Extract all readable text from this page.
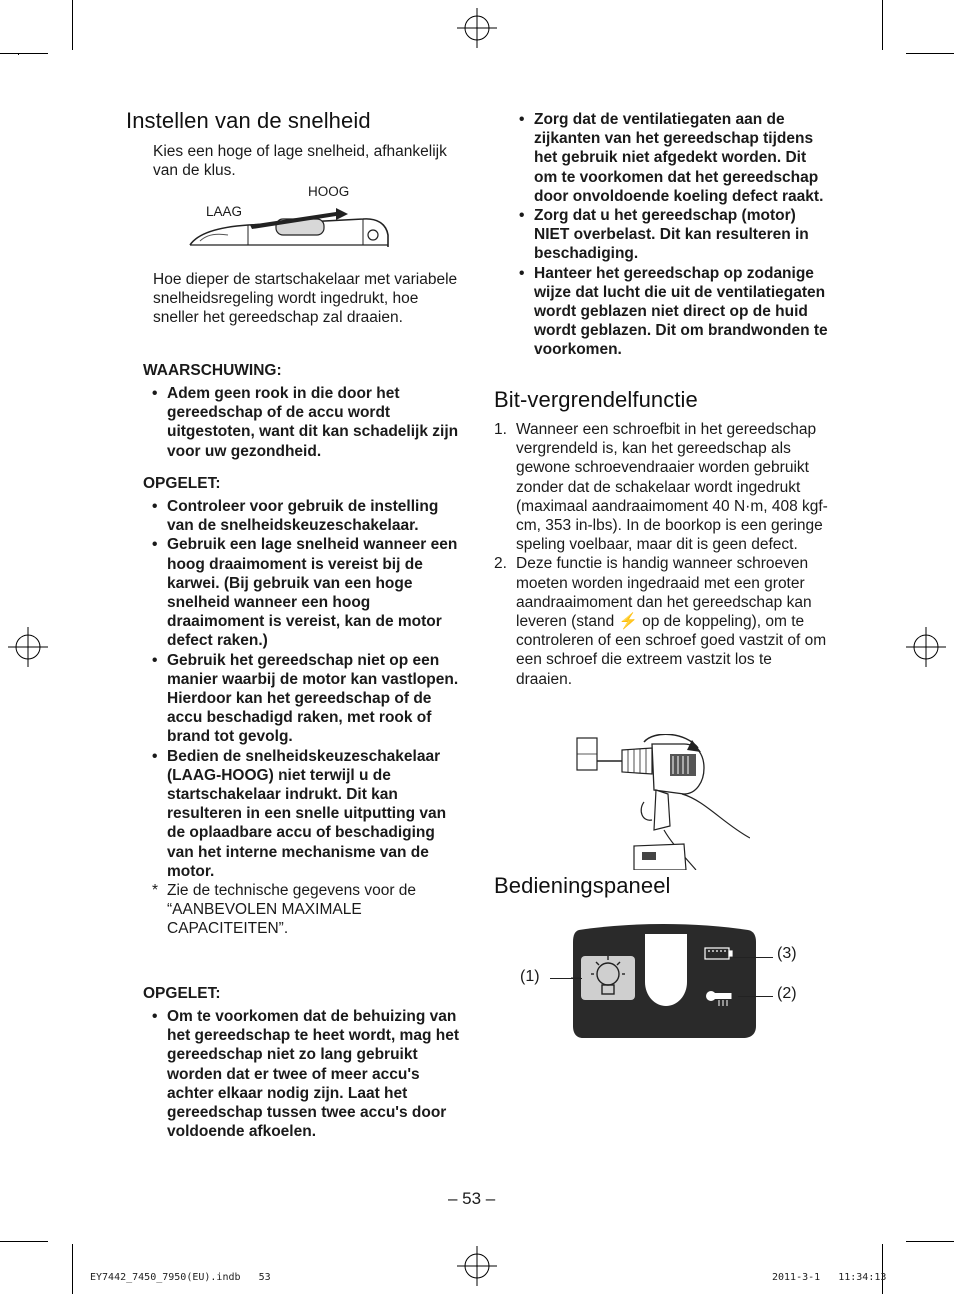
Instellen van de snelheid

Kies een hoge of lage snelheid, afhankelijk van de klus.

HOOG
LAAG

Hoe dieper de startschakelaar met variabele snelheidsregeling wordt ingedrukt, hoe sneller het gereedschap zal draaien.

WAARSCHUWING:
• Adem geen rook in die door het gereedschap of de accu wordt uitgestoten, want dit kan schadelijk zijn voor uw gezondheid.
OPGELET:
• Controleer voor gebruik de instelling van de snelheidskeuzeschakelaar.
• Gebruik een lage snelheid wanneer een hoog draaimoment is vereist bij de karwei. (Bij gebruik van een hoge snelheid wanneer een hoog draaimoment is vereist, kan de motor defect raken.)
• Gebruik het gereedschap niet op een manier waarbij de motor kan vastlopen. Hierdoor kan het gereedschap of de accu beschadigd raken, met rook of brand tot gevolg.
• Bedien de snelheidskeuzeschakelaar (LAAG-HOOG) niet terwijl u de startschakelaar indrukt. Dit kan resulteren in een snelle uitputting van de oplaadbare accu of beschadiging van het interne mechanisme van de motor.
* Zie de technische gegevens voor de “AANBEVOLEN MAXIMALE CAPACITEITEN”.
OPGELET:
• Om te voorkomen dat de behuizing van het gereedschap te heet wordt, mag het gereedschap niet zo lang gebruikt worden dat er twee of meer accu's achter elkaar nodig zijn. Laat het gereedschap tussen twee accu's door voldoende afkoelen.
• Zorg dat de ventilatiegaten aan de zijkanten van het gereedschap tijdens het gebruik niet afgedekt worden. Dit om te voorkomen dat het gereedschap door onvoldoende koeling defect raakt.
• Zorg dat u het gereedschap (motor) NIET overbelast. Dit kan resulteren in beschadiging.
• Hanteer het gereedschap op zodanige wijze dat lucht die uit de ventilatiegaten wordt geblazen niet direct op de huid wordt geblazen. Dit om brandwonden te voorkomen.
Bit-vergrendelfunctie
1. Wanneer een schroefbit in het gereedschap vergrendeld is, kan het gereedschap als gewone schroevendraaier worden gebruikt zonder dat de schakelaar wordt ingedrukt (maximaal aandraaimoment 40 N·m, 408 kgf-cm, 353 in-lbs). In de boorkop is een geringe speling voelbaar, maar dit is geen defect.
2. Deze functie is handig wanneer schroeven moeten worden ingedraaid met een groter aandraaimoment dan het gereedschap kan leveren (stand ⚡ op de koppeling), om te controleren of een schroef goed vastzit of om een schroef die extreem vastzit los te draaien.
Bedieningspaneel
(1)
(3)
(2)
– 53 –
EY7442_7450_7950(EU).indb   53	2011-3-1   11:34:13
